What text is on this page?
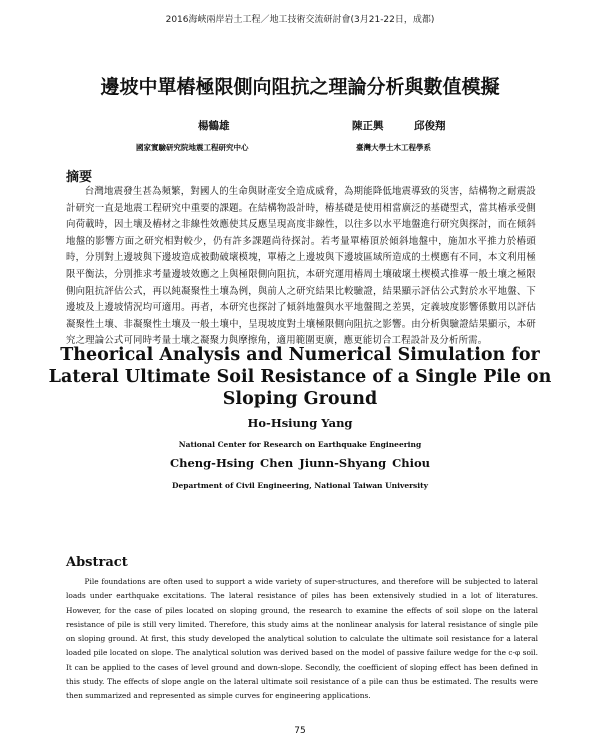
2016海峽兩岸岩土工程／地工技術交流研討會(3月21-22日，成都)
邊坡中單樁極限側向阻抗之理論分析與數值模擬
楊鶴雄
國家實驗研究院地震工程研究中心
陳正興	邱俊翔
臺灣大學土木工程學系
摘要

台灣地震發生甚為頻繁，對國人的生命與財產安全造成威脅，為期能降低地震導致的災害，結構物之耐震設計研究一直是地震工程研究中重要的課題。在結構物設計時，樁基礎是使用相當廣泛的基礎型式，當其樁承受側向荷載時，因土壤及樁材之非線性效應使其反應呈現高度非線性，以往多以水平地盤進行研究與探討，而在傾斜地盤的影響方面之研究相對較少，仍有許多課題尚待探討。若考量單樁頂於傾斜地盤中，施加水平推力於樁頭時，分別對上邊坡與下邊坡造成被動破壞模塊，單樁之上邊坡與下邊坡區域所造成的土楔應有不同，本文利用極限平衡法，分別推求考量邊坡效應之上與極限側向阻抗，本研究運用樁周土壤破壞土楔模式推導一般土壤之極限側向阻抗評估公式，再以純凝聚性土壤為例，與前人之研究結果比較驗證，結果顯示評估公式對於水平地盤、下邊坡及上邊坡情況均可適用。再者，本研究也探討了傾斜地盤與水平地盤間之差異，定義坡度影響係數用以評估凝聚性土壤、非凝聚性土壤及一般土壤中，呈現坡度對土壤極限側向阻抗之影響。由分析與驗證結果顯示，本研究之理論公式可同時考量土壤之凝聚力與摩擦角，適用範圍更廣，應更能切合工程設計及分析所需。

Theorical Analysis and Numerical Simulation for Lateral Ultimate Soil Resistance of a Single Pile on Sloping Ground
Ho-Hsiung Yang
National Center for Research on Earthquake Engineering
Cheng-Hsing Chen Jiunn-Shyang Chiou
Department of Civil Engineering, National Taiwan University
Abstract

Pile foundations are often used to support a wide variety of super-structures, and therefore will be subjected to lateral loads under earthquake excitations. The lateral resistance of piles has been extensively studied in a lot of literatures. However, for the case of piles located on sloping ground, the research to examine the effects of soil slope on the lateral resistance of pile is still very limited. Therefore, this study aims at the nonlinear analysis for lateral resistance of single pile on sloping ground. At first, this study developed the analytical solution to calculate the ultimate soil resistance for a lateral loaded pile located on slope. The analytical solution was derived based on the model of passive failure wedge for the c-φ soil. It can be applied to the cases of level ground and down-slope. Secondly, the coefficient of sloping effect has been defined in this study. The effects of slope angle on the lateral ultimate soil resistance of a pile can thus be estimated. The results were then summarized and represented as simple curves for engineering applications.

75
